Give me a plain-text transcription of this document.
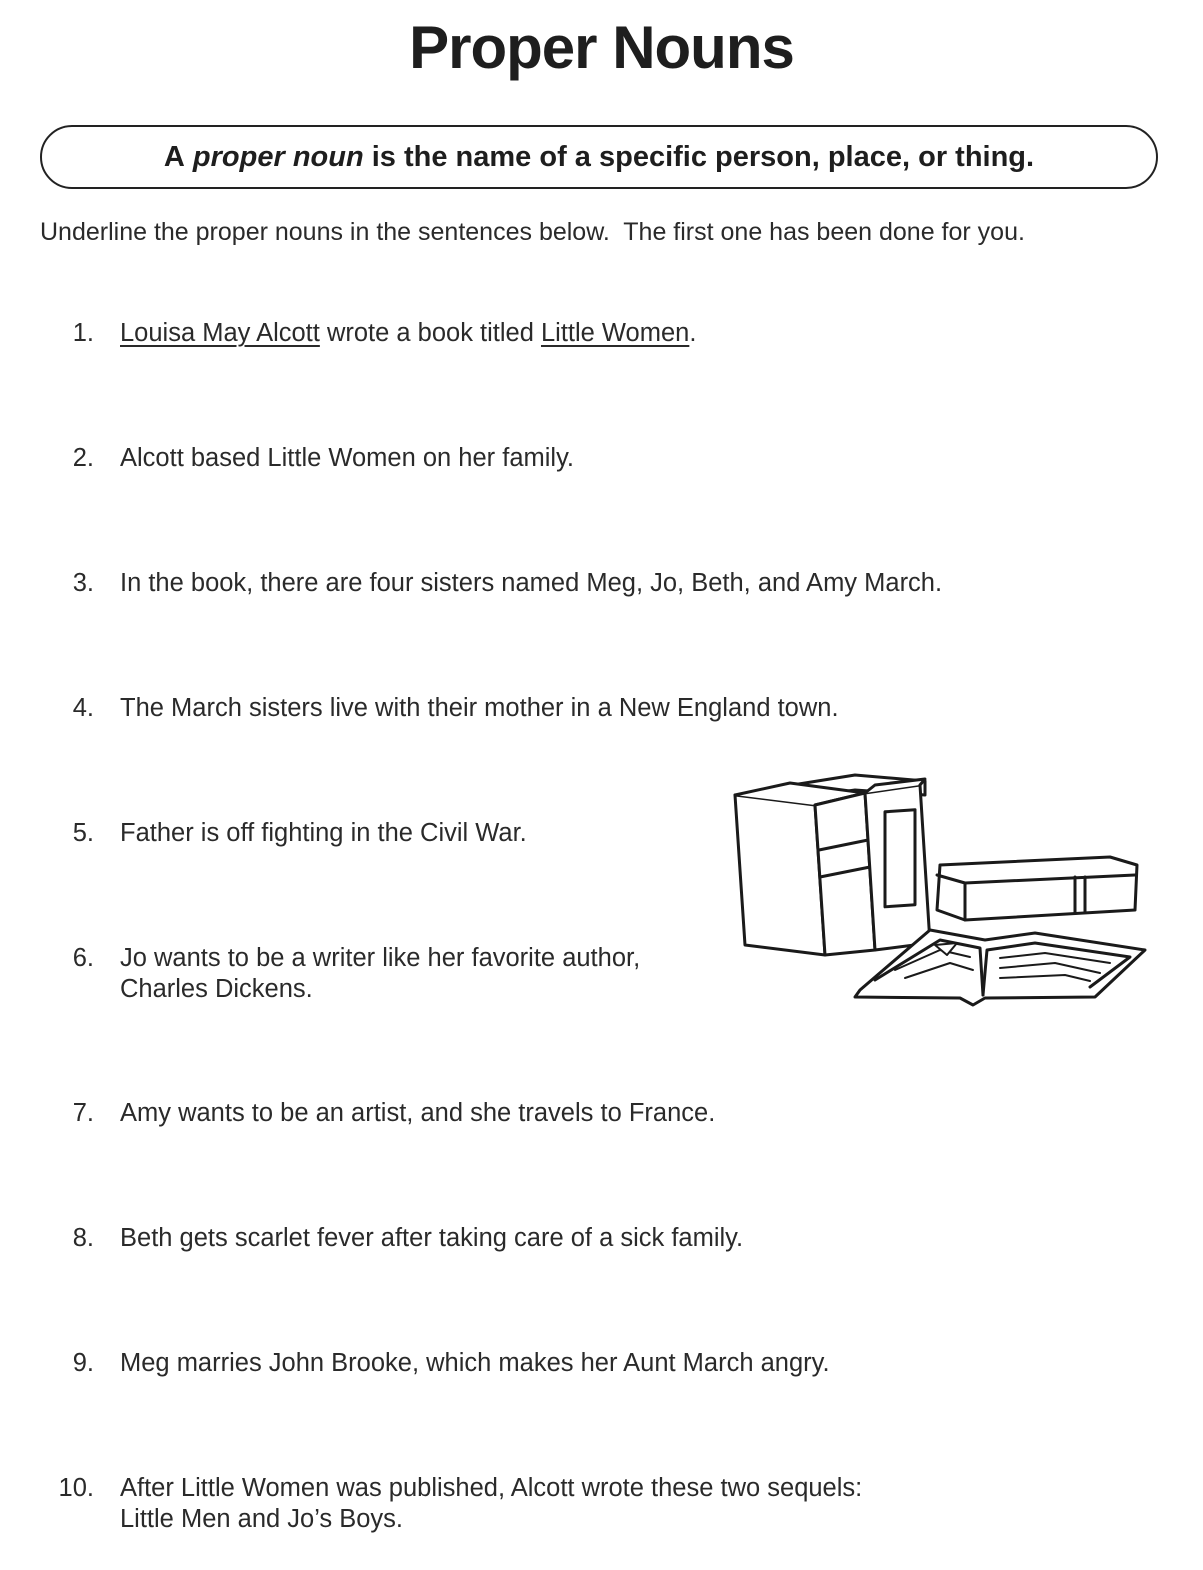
Proper Nouns
A
proper noun
is the name of a specific person, place, or thing.
Underline the proper nouns in the sentences below.  The first one has been done for you.
1. Louisa May Alcott wrote a book titled Little Women.
2. Alcott based Little Women on her family.
3. In the book, there are four sisters named Meg, Jo, Beth, and Amy March.
4. The March sisters live with their mother in a New England town.
5. Father is off fighting in the Civil War.
6. Jo wants to be a writer like her favorite author,
Charles Dickens.
7. Amy wants to be an artist, and she travels to France.
8. Beth gets scarlet fever after taking care of a sick family.
9. Meg marries John Brooke, which makes her Aunt March angry.
10. After Little Women was published, Alcott wrote these two sequels:
Little Men and Jo’s Boys.
